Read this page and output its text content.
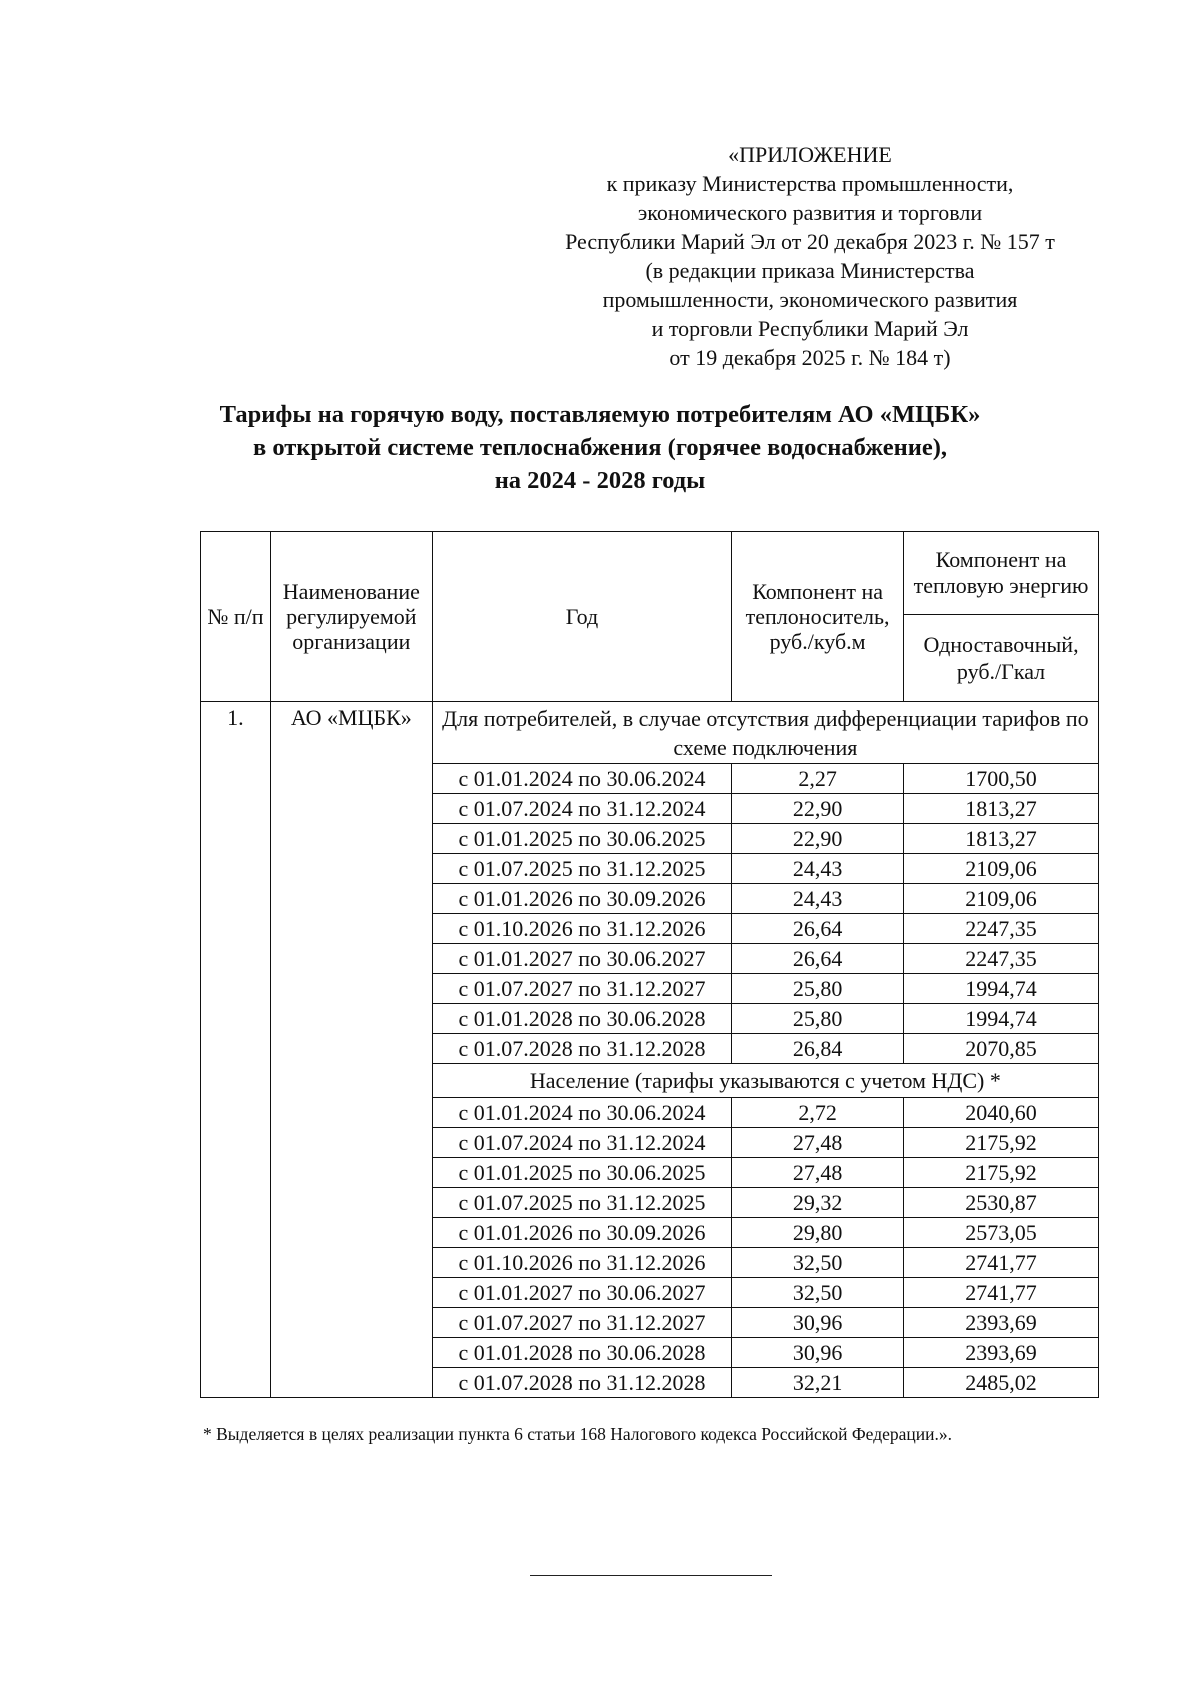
«ПРИЛОЖЕНИЕ
к приказу Министерства промышленности,
экономического развития и торговли
Республики Марий Эл от 20 декабря 2023 г. № 157 т
(в редакции приказа Министерства
промышленности, экономического развития
и торговли Республики Марий Эл
от 19 декабря 2025 г. № 184 т)
Тарифы на горячую воду, поставляемую потребителям АО «МЦБК»
в открытой системе теплоснабжения (горячее водоснабжение),
на 2024 - 2028 годы
№ п/п	Наименование регулируемой организации	Год	Компонент на теплоноситель, руб./куб.м	Компонент на тепловую энергию
				Одноставочный, руб./Гкал
1.	АО «МЦБК»	Для потребителей, в случае отсутствия дифференциации тарифов по схеме подключения		
		с 01.01.2024 по 30.06.2024	2,27	1700,50
		с 01.07.2024 по 31.12.2024	22,90	1813,27
		с 01.01.2025 по 30.06.2025	22,90	1813,27
		с 01.07.2025 по 31.12.2025	24,43	2109,06
		с 01.01.2026 по 30.09.2026	24,43	2109,06
		с 01.10.2026 по 31.12.2026	26,64	2247,35
		с 01.01.2027 по 30.06.2027	26,64	2247,35
		с 01.07.2027 по 31.12.2027	25,80	1994,74
		с 01.01.2028 по 30.06.2028	25,80	1994,74
		с 01.07.2028 по 31.12.2028	26,84	2070,85
		Население (тарифы указываются с учетом НДС) *		
		с 01.01.2024 по 30.06.2024	2,72	2040,60
		с 01.07.2024 по 31.12.2024	27,48	2175,92
		с 01.01.2025 по 30.06.2025	27,48	2175,92
		с 01.07.2025 по 31.12.2025	29,32	2530,87
		с 01.01.2026 по 30.09.2026	29,80	2573,05
		с 01.10.2026 по 31.12.2026	32,50	2741,77
		с 01.01.2027 по 30.06.2027	32,50	2741,77
		с 01.07.2027 по 31.12.2027	30,96	2393,69
		с 01.01.2028 по 30.06.2028	30,96	2393,69
		с 01.07.2028 по 31.12.2028	32,21	2485,02
* Выделяется в целях реализации пункта 6 статьи 168 Налогового кодекса Российской Федерации.».
